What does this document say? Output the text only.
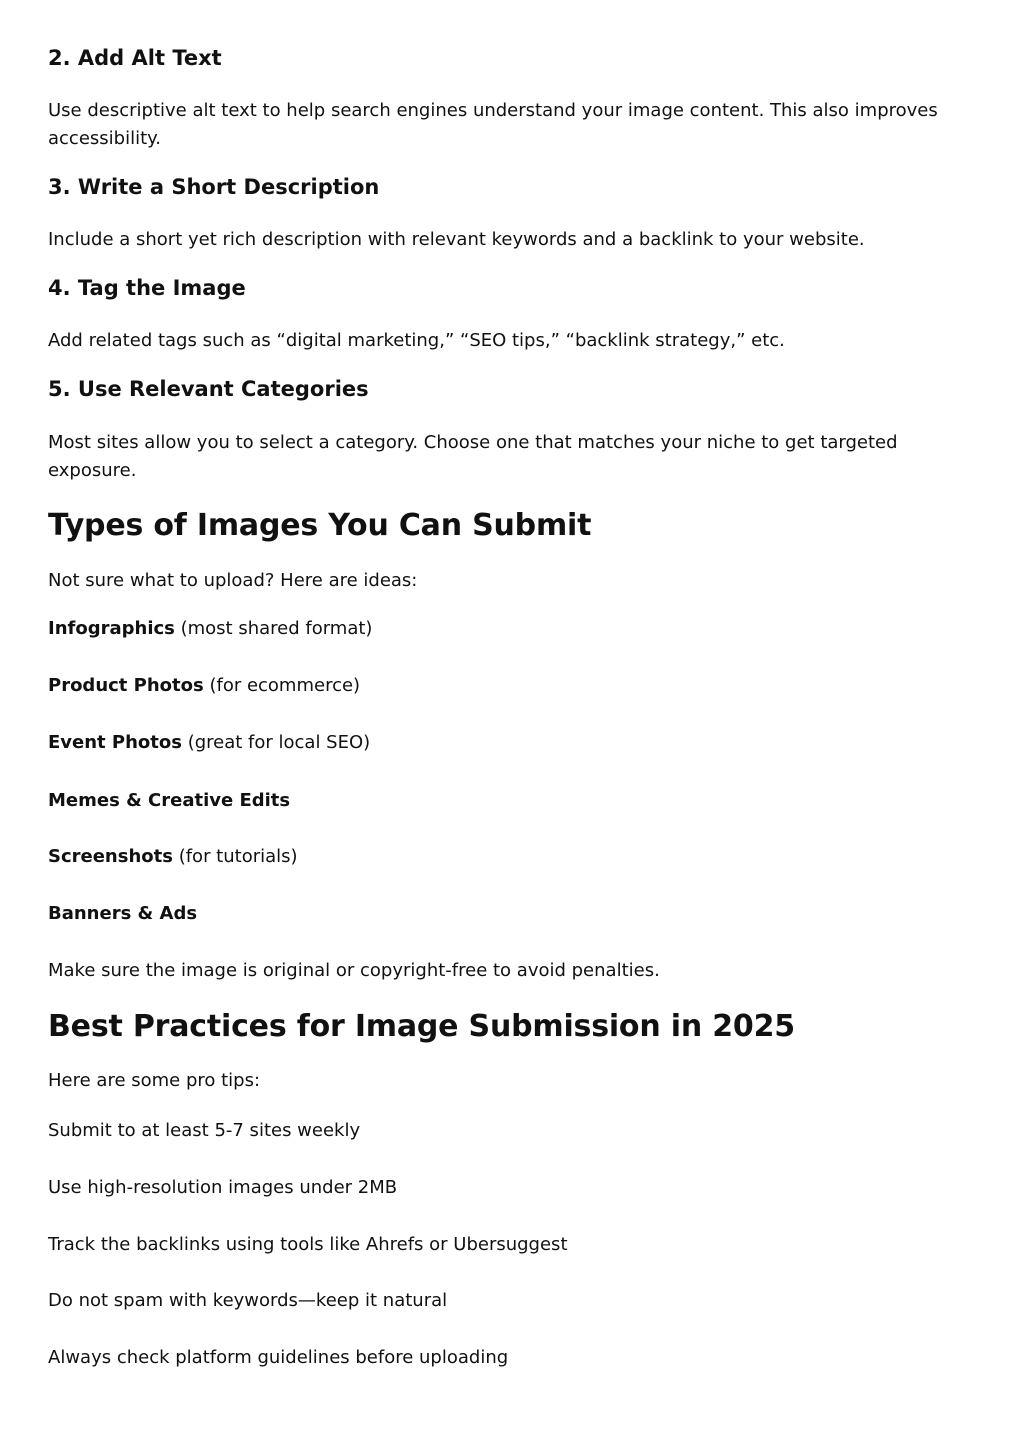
2. Add Alt Text
Use descriptive alt text to help search engines understand your image content. This also improves accessibility.
3. Write a Short Description
Include a short yet rich description with relevant keywords and a backlink to your website.
4. Tag the Image
Add related tags such as “digital marketing,” “SEO tips,” “backlink strategy,” etc.
5. Use Relevant Categories
Most sites allow you to select a category. Choose one that matches your niche to get targeted exposure.
Types of Images You Can Submit
Not sure what to upload? Here are ideas:
Infographics (most shared format)
Product Photos (for ecommerce)
Event Photos (great for local SEO)
Memes & Creative Edits
Screenshots (for tutorials)
Banners & Ads
Make sure the image is original or copyright-free to avoid penalties.
Best Practices for Image Submission in 2025
Here are some pro tips:
Submit to at least 5-7 sites weekly
Use high-resolution images under 2MB
Track the backlinks using tools like Ahrefs or Ubersuggest
Do not spam with keywords—keep it natural
Always check platform guidelines before uploading
